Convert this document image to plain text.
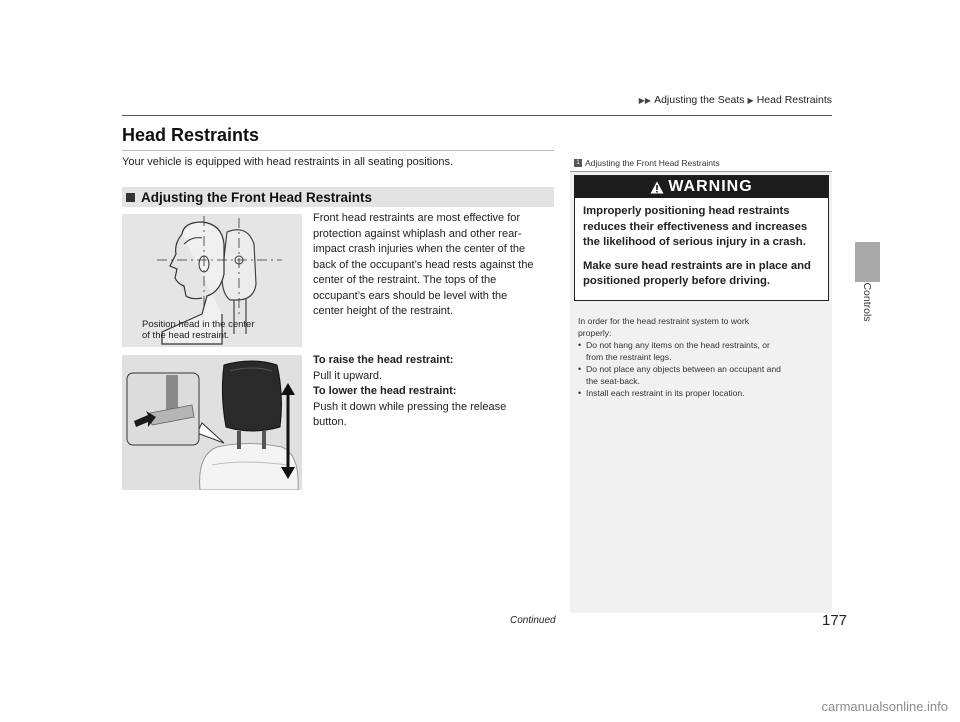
▶▶ Adjusting the Seats ▶ Head Restraints
Head Restraints

Your vehicle is equipped with head restraints in all seating positions.

Adjusting the Front Head Restraints

Position head in the center
of the head restraint.

Front head restraints are most effective for

protection against whiplash and other rear-

impact crash injuries when the center of the

back of the occupant’s head rests against the

center of the restraint. The tops of the

occupant’s ears should be level with the

center height of the restraint.

To raise the head restraint:

Pull it upward.

To lower the head restraint:

Push it down while pressing the release

button.

1 Adjusting the Front Head Restraints
WARNING

Improperly positioning head restraints
reduces their effectiveness and increases
the likelihood of serious injury in a crash.

Make sure head restraints are in place and
positioned properly before driving.

In order for the head restraint system to work
properly:

• Do not hang any items on the head restraints, or
from the restraint legs.
• Do not place any objects between an occupant and
the seat-back.
• Install each restraint in its proper location.
Controls
Continued	177
carmanualsonline.info
